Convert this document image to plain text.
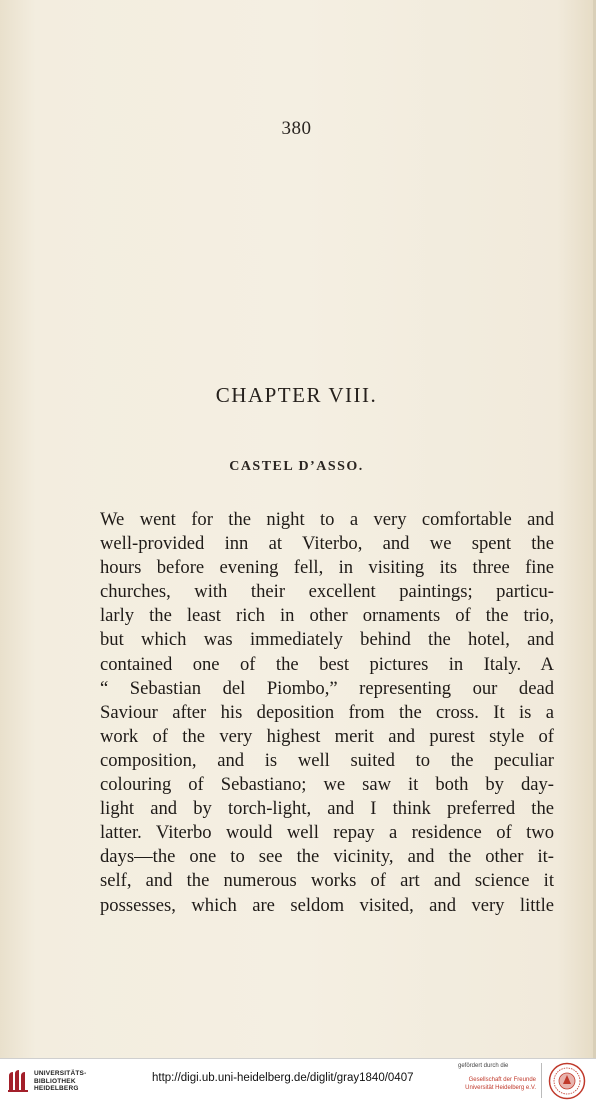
380
CHAPTER VIII.
CASTEL D’ASSO.
We went for the night to a very comfortable and
well-provided inn at Viterbo, and we spent the
hours before evening fell, in visiting its three fine
churches, with their excellent paintings; particu-
larly the least rich in other ornaments of the trio,
but which was immediately behind the hotel, and
contained one of the best pictures in Italy. A
“ Sebastian del Piombo,” representing our dead
Saviour after his deposition from the cross. It is a
work of the very highest merit and purest style of
composition, and is well suited to the peculiar
colouring of Sebastiano; we saw it both by day-
light and by torch-light, and I think preferred the
latter. Viterbo would well repay a residence of two
days—the one to see the vicinity, and the other it-
self, and the numerous works of art and science it
possesses, which are seldom visited, and very little
UNIVERSITÄTS-
BIBLIOTHEK
HEIDELBERG
http://digi.ub.uni-heidelberg.de/diglit/gray1840/0407
gefördert durch die
Gesellschaft der Freunde
Universität Heidelberg e.V.
